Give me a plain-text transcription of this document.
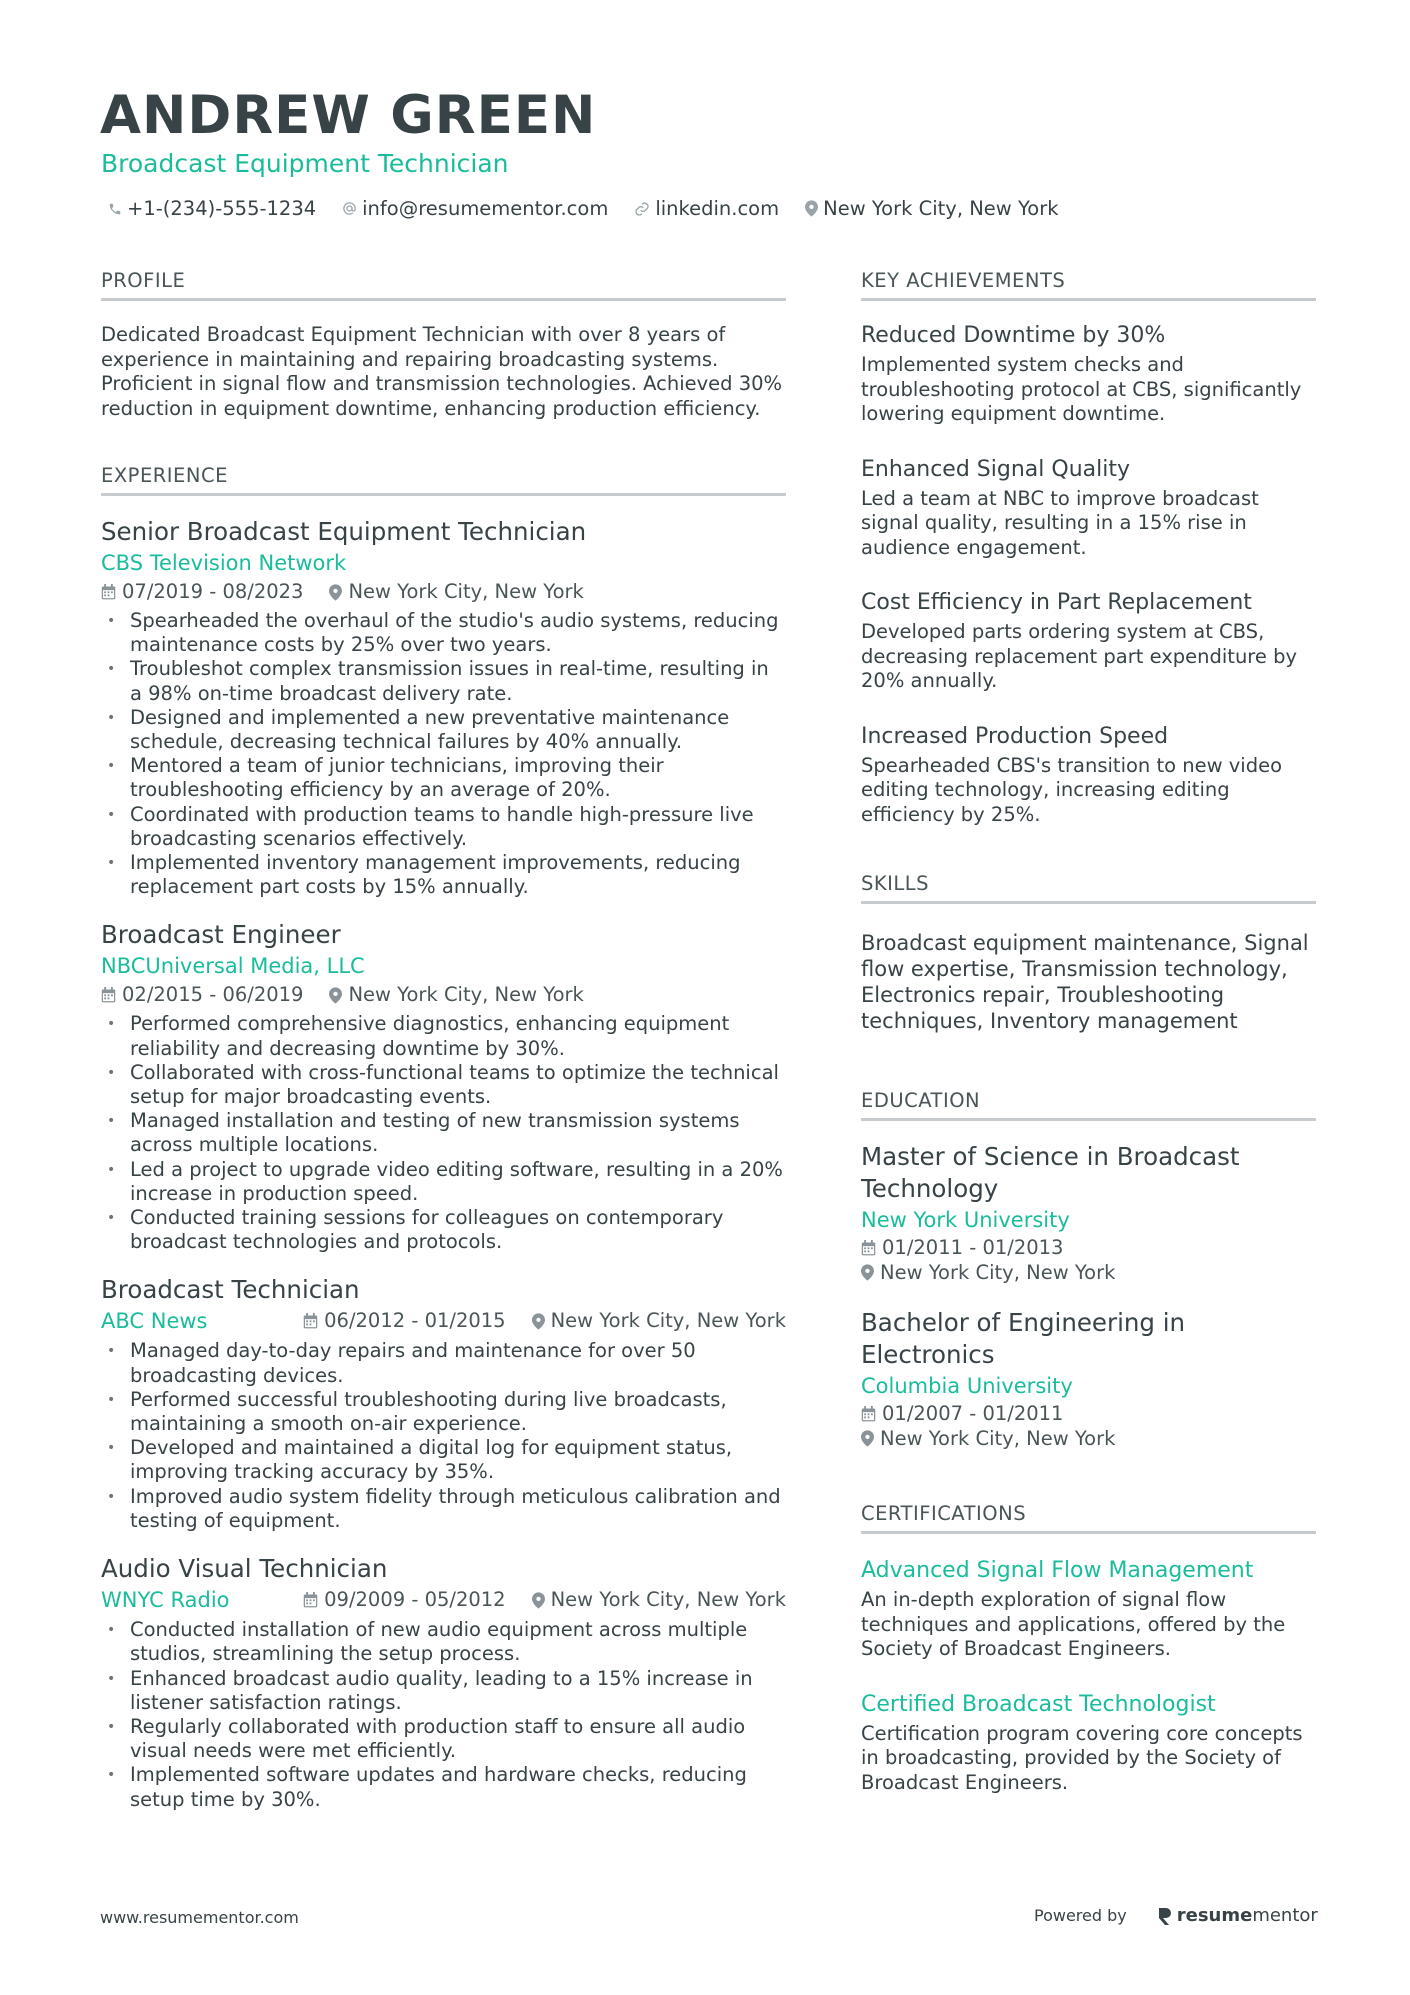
ANDREW GREEN
Broadcast Equipment Technician
+1-(234)-555-1234 info@resumementor.com linkedin.com New York City, New York
PROFILE

Dedicated Broadcast Equipment Technician with over 8 years of experience in maintaining and repairing broadcasting systems. Proficient in signal flow and transmission technologies. Achieved 30% reduction in equipment downtime, enhancing production efficiency.

EXPERIENCE
Senior Broadcast Equipment Technician
CBS Television Network
07/2019 - 08/2023 New York City, New York
• Spearheaded the overhaul of the studio's audio systems, reducing maintenance costs by 25% over two years.
• Troubleshot complex transmission issues in real-time, resulting in a 98% on-time broadcast delivery rate.
• Designed and implemented a new preventative maintenance schedule, decreasing technical failures by 40% annually.
• Mentored a team of junior technicians, improving their troubleshooting efficiency by an average of 20%.
• Coordinated with production teams to handle high-pressure live broadcasting scenarios effectively.
• Implemented inventory management improvements, reducing replacement part costs by 15% annually.
Broadcast Engineer
NBCUniversal Media, LLC
02/2015 - 06/2019 New York City, New York
• Performed comprehensive diagnostics, enhancing equipment reliability and decreasing downtime by 30%.
• Collaborated with cross-functional teams to optimize the technical setup for major broadcasting events.
• Managed installation and testing of new transmission systems across multiple locations.
• Led a project to upgrade video editing software, resulting in a 20% increase in production speed.
• Conducted training sessions for colleagues on contemporary broadcast technologies and protocols.
Broadcast Technician
ABC News	06/2012 - 01/2015 New York City, New York
• Managed day-to-day repairs and maintenance for over 50 broadcasting devices.
• Performed successful troubleshooting during live broadcasts, maintaining a smooth on-air experience.
• Developed and maintained a digital log for equipment status, improving tracking accuracy by 35%.
• Improved audio system fidelity through meticulous calibration and testing of equipment.
Audio Visual Technician
WNYC Radio	09/2009 - 05/2012 New York City, New York
• Conducted installation of new audio equipment across multiple studios, streamlining the setup process.
• Enhanced broadcast audio quality, leading to a 15% increase in listener satisfaction ratings.
• Regularly collaborated with production staff to ensure all audio visual needs were met efficiently.
• Implemented software updates and hardware checks, reducing setup time by 30%.
KEY ACHIEVEMENTS
Reduced Downtime by 30%
Implemented system checks and troubleshooting protocol at CBS, significantly lowering equipment downtime.
Enhanced Signal Quality
Led a team at NBC to improve broadcast signal quality, resulting in a 15% rise in audience engagement.
Cost Efficiency in Part Replacement
Developed parts ordering system at CBS, decreasing replacement part expenditure by 20% annually.
Increased Production Speed
Spearheaded CBS's transition to new video editing technology, increasing editing efficiency by 25%.
SKILLS

Broadcast equipment maintenance, Signal flow expertise, Transmission technology, Electronics repair, Troubleshooting techniques, Inventory management

EDUCATION
Master of Science in Broadcast Technology
New York University
01/2011 - 01/2013
New York City, New York
Bachelor of Engineering in Electronics
Columbia University
01/2007 - 01/2011
New York City, New York
CERTIFICATIONS
Advanced Signal Flow Management
An in-depth exploration of signal flow techniques and applications, offered by the Society of Broadcast Engineers.
Certified Broadcast Technologist
Certification program covering core concepts in broadcasting, provided by the Society of Broadcast Engineers.
www.resumementor.com	Powered by	resume mentor
